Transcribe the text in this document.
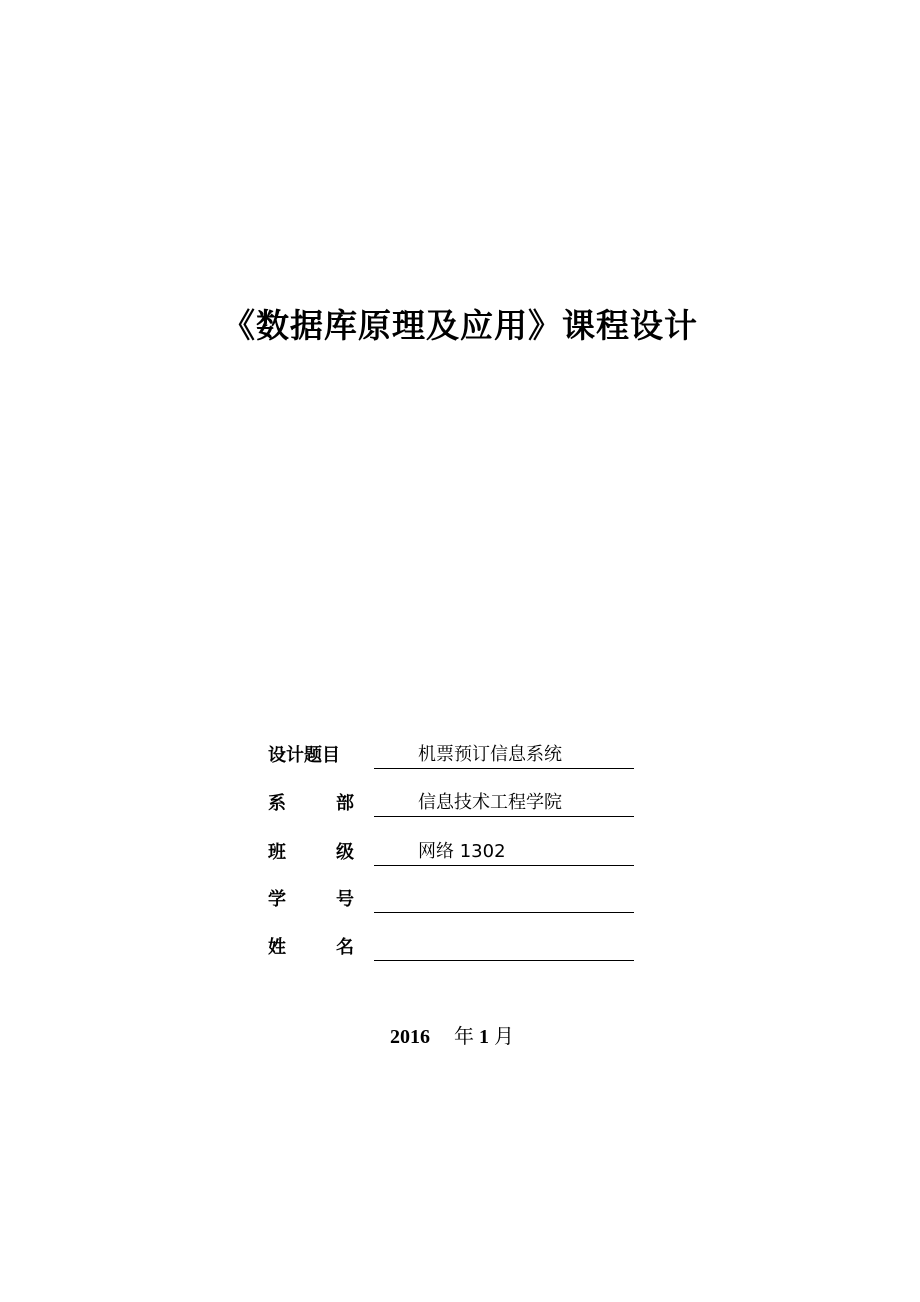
《数据库原理及应用》课程设计
设计题目	机票预订信息系统
系	部	信息技术工程学院
班	级	网络 1302
学	号
姓	名
2016 年 1 月
